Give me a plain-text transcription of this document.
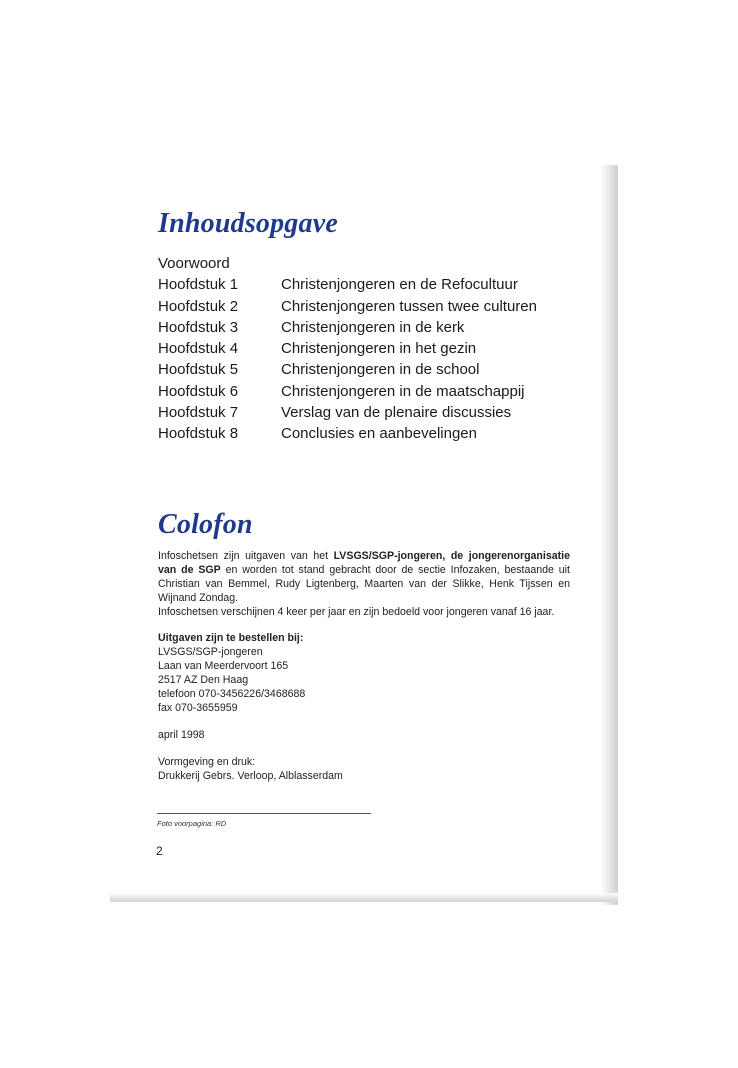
Inhoudsopgave
Voorwoord
Hoofdstuk 1	Christenjongeren en de Refocultuur
Hoofdstuk 2	Christenjongeren tussen twee culturen
Hoofdstuk 3	Christenjongeren in de kerk
Hoofdstuk 4	Christenjongeren in het gezin
Hoofdstuk 5	Christenjongeren in de school
Hoofdstuk 6	Christenjongeren in de maatschappij
Hoofdstuk 7	Verslag van de plenaire discussies
Hoofdstuk 8	Conclusies en aanbevelingen
Colofon

Infoschetsen zijn uitgaven van het LVSGS/SGP-jongeren, de jongerenorganisatie van de SGP en worden tot stand gebracht door de sectie Infozaken, bestaande uit Christian van Bemmel, Rudy Ligtenberg, Maarten van der Slikke, Henk Tijssen en Wijnand Zondag.

Infoschetsen verschijnen 4 keer per jaar en zijn bedoeld voor jongeren vanaf 16 jaar.

Uitgaven zijn te bestellen bij:

LVSGS/SGP-jongeren

Laan van Meerdervoort 165

2517 AZ Den Haag

telefoon 070-3456226/3468688

fax 070-3655959

april 1998

Vormgeving en druk:

Drukkerij Gebrs. Verloop, Alblasserdam

Foto voorpagina: RD
2
